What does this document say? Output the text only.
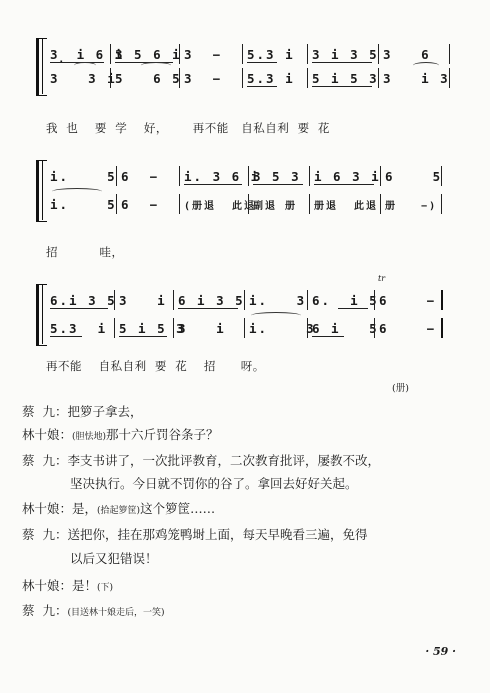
3̣ i 6 i
3 5 6 i 3  −	5.3 i	3 i 3 5 3   6
3   3 i
5   6 5 3  −	5.3 i	5 i 5 3 3   i 3
我  也    要  学    好，      再不能   自私自利  要  花
i.    5 6  −	i. 3 6 i
3 5 3	i 6 3 i 6    5
i.    5 6  −	(册退  此退
副退 册	册退  此退 册   −)
招          哇，
tr
6.i 3 5 3   i 6 i 3 5 i.   3 6.  i 5 6    −
5.3  i 5 i 5 3
3   i	i.    3
6 i   5 6    −
再不能    自私自利  要  花    招      呀。
(册)
蔡  九：把箩子拿去，
林十娘：(胆怯地)那十六斤罚谷条子？
蔡  九：李支书讲了，一次批评教育，二次教育批评，屡教不改，
坚决执行。今日就不罚你的谷了。拿回去好好关起。
林十娘：是，(拾起箩筐)这个箩筐……
蔡  九：送把你，挂在那鸡笼鸭埘上面，每天早晚看三遍，免得
以后又犯错误！
林十娘：是！(下)
蔡  九：(目送林十娘走后，一笑)
· 59 ·
